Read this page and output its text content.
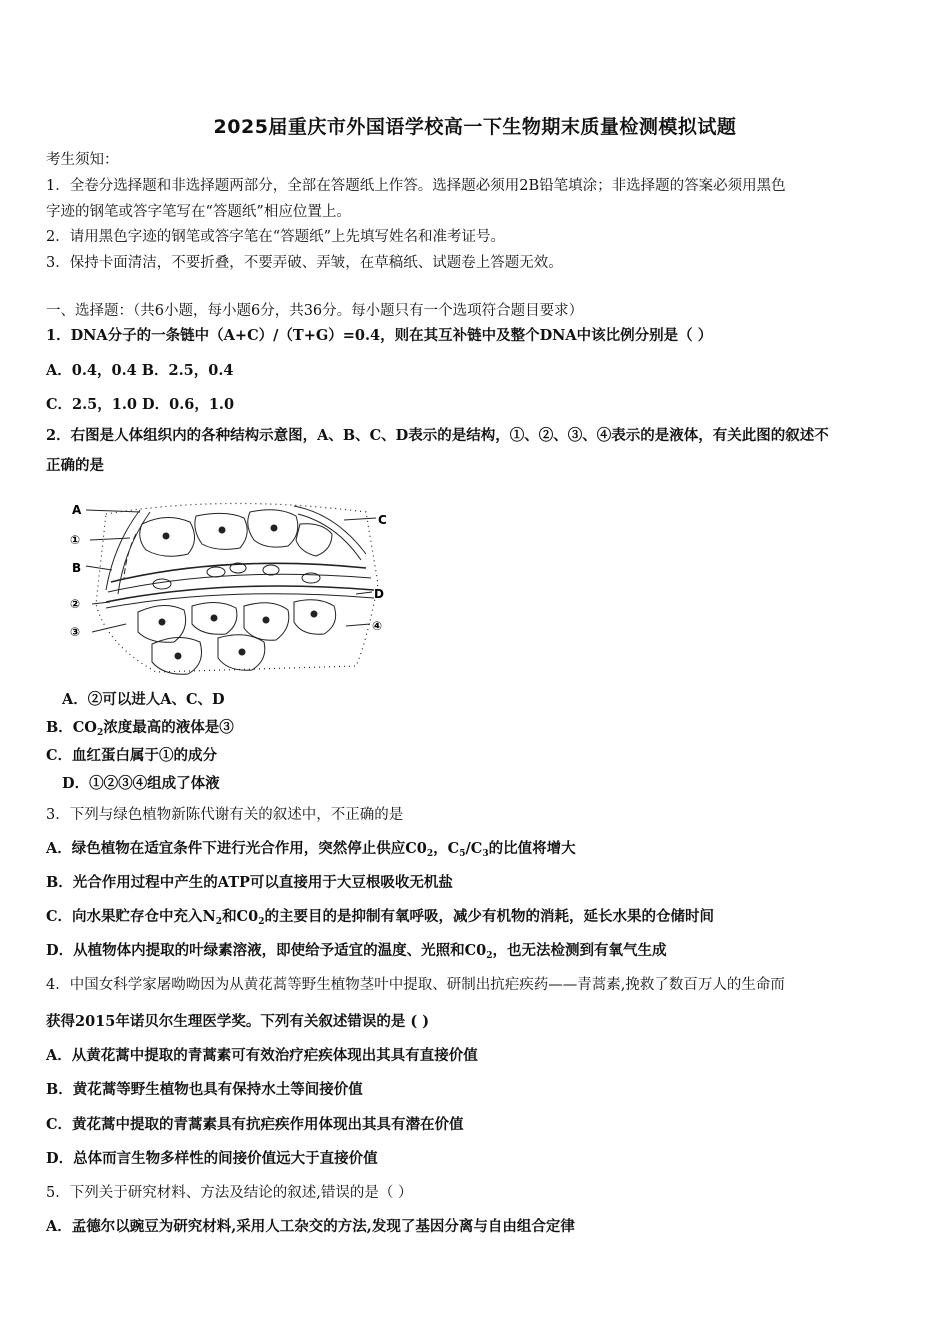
2025届重庆市外国语学校高一下生物期末质量检测模拟试题
考生须知：
1．全卷分选择题和非选择题两部分，全部在答题纸上作答。选择题必须用2B铅笔填涂；非选择题的答案必须用黑色
字迹的钢笔或答字笔写在“答题纸”相应位置上。
2．请用黑色字迹的钢笔或答字笔在“答题纸”上先填写姓名和准考证号。
3．保持卡面清洁，不要折叠，不要弄破、弄皱，在草稿纸、试题卷上答题无效。
一、选择题：（共6小题，每小题6分，共36分。每小题只有一个选项符合题目要求）
1．DNA分子的一条链中（A+C）/（T+G）=0.4，则在其互补链中及整个DNA中该比例分别是（ ）
A．0.4，0.4 B．2.5，0.4
C．2.5，1.0 D．0.6，1.0
2．右图是人体组织内的各种结构示意图，A、B、C、D表示的是结构，①、②、③、④表示的是液体，有关此图的叙述不
正确的是
A
①
B
②
③
C
D
④
A．②可以进人A、C、D
B．$CO_2$浓度最高的液体是③
C．血红蛋白属于①的成分
D．①②③④组成了体液
3．下列与绿色植物新陈代谢有关的叙述中，不正确的是
A．绿色植物在适宜条件下进行光合作用，突然停止供应$C0_2$，$C_5/C_3$的比值将增大
B．光合作用过程中产生的ATP可以直接用于大豆根吸收无机盐
C．向水果贮存仓中充入$N_2$和$C0_2$的主要目的是抑制有氧呼吸，减少有机物的消耗，延长水果的仓储时间
D．从植物体内提取的叶绿素溶液，即使给予适宜的温度、光照和$C0_2$，也无法检测到有氧气生成
4．中国女科学家屠呦呦因为从黄花蒿等野生植物茎叶中提取、研制出抗疟疾药——青蒿素,挽救了数百万人的生命而
获得2015年诺贝尔生理医学奖。下列有关叙述错误的是 ( )
A．从黄花蒿中提取的青蒿素可有效治疗疟疾体现出其具有直接价值
B．黄花蒿等野生植物也具有保持水土等间接价值
C．黄花蒿中提取的青蒿素具有抗疟疾作用体现出其具有潜在价值
D．总体而言生物多样性的间接价值远大于直接价值
5．下列关于研究材料、方法及结论的叙述,错误的是（ ）
A．孟德尔以豌豆为研究材料,采用人工杂交的方法,发现了基因分离与自由组合定律
